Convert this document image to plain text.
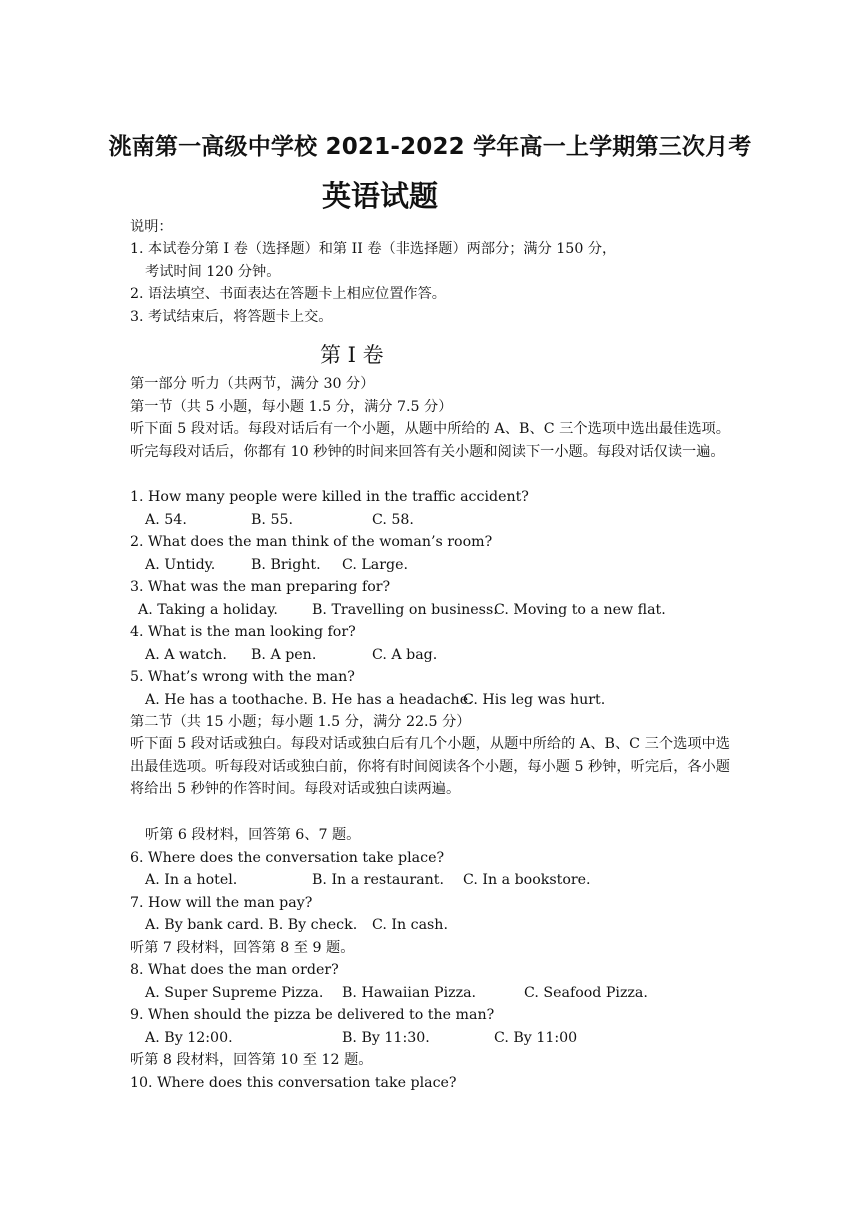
洮南第一高级中学校 2021-2022 学年高一上学期第三次月考
英语试题
说明：
1. 本试卷分第 I 卷（选择题）和第 II 卷（非选择题）两部分；满分 150 分，
考试时间 120 分钟。
2. 语法填空、书面表达在答题卡上相应位置作答。
3. 考试结束后，将答题卡上交。
第 I 卷
第一部分 听力（共两节，满分 30 分）
第一节（共 5 小题，每小题 1.5 分，满分 7.5 分）
听下面 5 段对话。每段对话后有一个小题，从题中所给的 A、B、C 三个选项中选出最佳选项。听完每段对话后，你都有 10 秒钟的时间来回答有关小题和阅读下一小题。每段对话仅读一遍。
1. How many people were killed in the traffic accident?
A. 54.	B. 55.	C. 58.
2. What does the man think of the woman’s room?
A. Untidy.	B. Bright. C. Large.
3. What was the man preparing for?
A. Taking a holiday. B. Travelling on business.
C. Moving to a new flat.
4. What is the man looking for?
A. A watch. B. A pen.	C. A bag.
5. What’s wrong with the man?
A. He has a toothache. B. He has a headache.
C. His leg was hurt.
第二节（共 15 小题；每小题 1.5 分，满分 22.5 分）
听下面 5 段对话或独白。每段对话或独白后有几个小题，从题中所给的 A、B、C 三个选项中选出最佳选项。听每段对话或独白前，你将有时间阅读各个小题，每小题 5 秒钟，听完后，各小题将给出 5 秒钟的作答时间。每段对话或独白读两遍。
听第 6 段材料，回答第 6、7 题。
6. Where does the conversation take place?
A. In a hotel.	B. In a restaurant. C. In a bookstore.
7. How will the man pay?
A. By bank card. B. By check. C. In cash.
听第 7 段材料，回答第 8 至 9 题。
8. What does the man order?
A. Super Supreme Pizza. B. Hawaiian Pizza.	C. Seafood Pizza.
9. When should the pizza be delivered to the man?
A. By 12:00.	B. By 11:30.	C. By 11:00
听第 8 段材料，回答第 10 至 12 题。
10. Where does this conversation take place?
